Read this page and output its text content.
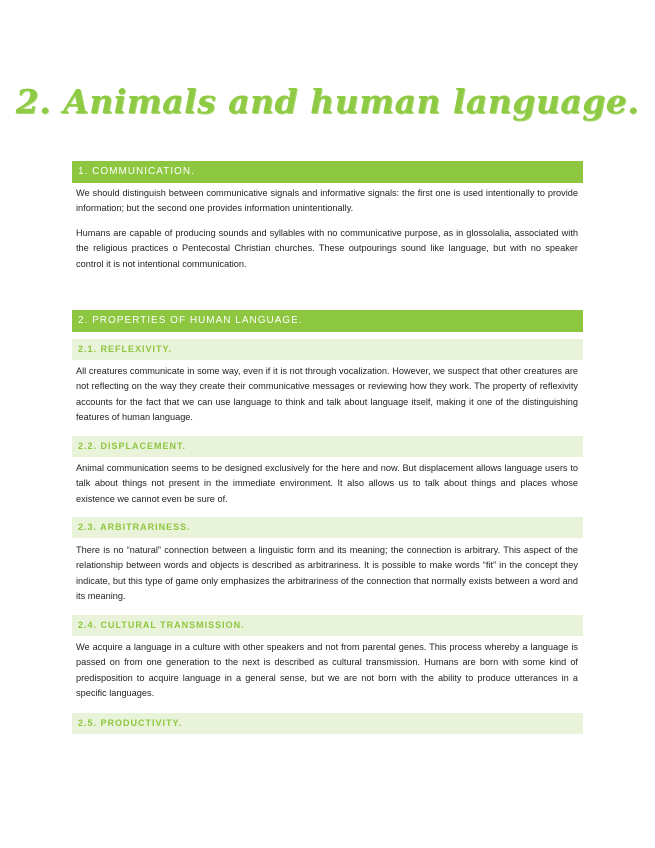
2. Animals and human language.
1. COMMUNICATION.

We should distinguish between communicative signals and informative signals: the first one is used intentionally to provide information; but the second one provides information unintentionally.

Humans are capable of producing sounds and syllables with no communicative purpose, as in glossolalia, associated with the religious practices o Pentecostal Christian churches. These outpourings sound like language, but with no speaker control it is not intentional communication.

2. PROPERTIES OF HUMAN LANGUAGE.
2.1. REFLEXIVITY.

All creatures communicate in some way, even if it is not through vocalization. However, we suspect that other creatures are not reflecting on the way they create their communicative messages or reviewing how they work. The property of reflexivity accounts for the fact that we can use language to think and talk about language itself, making it one of the distinguishing features of human language.

2.2. DISPLACEMENT.

Animal communication seems to be designed exclusively for the here and now. But displacement allows language users to talk about things not present in the immediate environment. It also allows us to talk about things and places whose existence we cannot even be sure of.

2.3. ARBITRARINESS.

There is no “natural” connection between a linguistic form and its meaning; the connection is arbitrary. This aspect of the relationship between words and objects is described as arbitrariness. It is possible to make words “fit” in the concept they indicate, but this type of game only emphasizes the arbitrariness of the connection that normally exists between a word and its meaning.

2.4. CULTURAL TRANSMISSION.

We acquire a language in a culture with other speakers and not from parental genes. This process whereby a language is passed on from one generation to the next is described as cultural transmission. Humans are born with some kind of predisposition to acquire language in a general sense, but we are not born with the ability to produce utterances in a specific languages.

2.5. PRODUCTIVITY.
